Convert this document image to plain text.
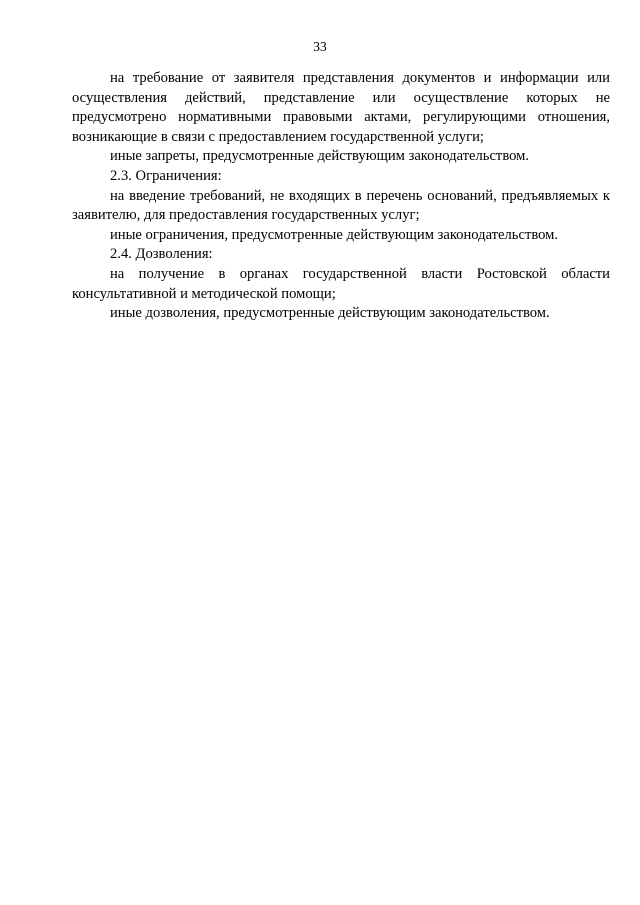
33

на требование от заявителя представления документов и информации или осуществления действий, представление или осуществление которых не предусмотрено нормативными правовыми актами, регулирующими отношения, возникающие в связи с предоставлением государственной услуги;

иные запреты, предусмотренные действующим законодательством.

2.3. Ограничения:

на введение требований, не входящих в перечень оснований, предъявляемых к заявителю, для предоставления государственных услуг;

иные ограничения, предусмотренные действующим законодательством.

2.4. Дозволения:

на получение в органах государственной власти Ростовской области консультативной и методической помощи;

иные дозволения, предусмотренные действующим законодательством.
